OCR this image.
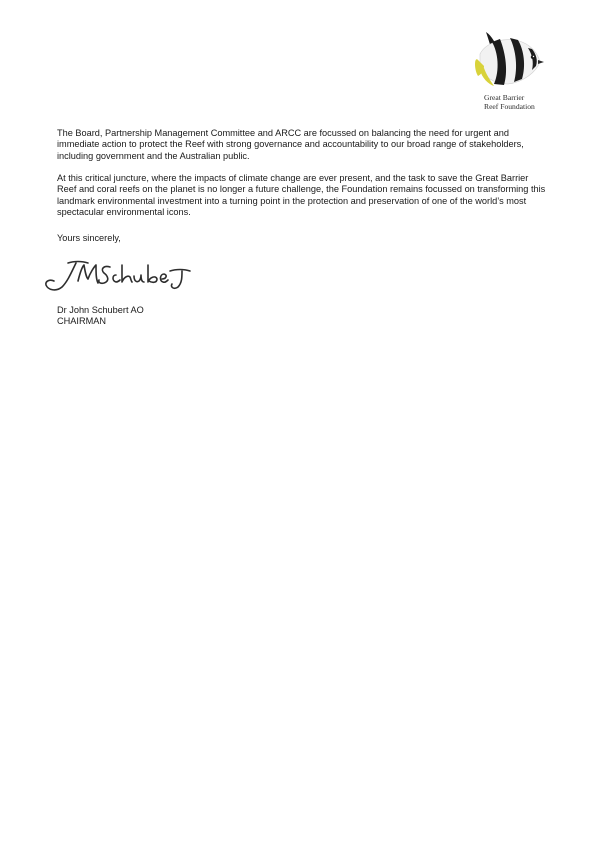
Great Barrier
Reef Foundation

The Board, Partnership Management Committee and ARCC are focussed on balancing the need for urgent and immediate action to protect the Reef with strong governance and accountability to our broad range of stakeholders, including government and the Australian public.

At this critical juncture, where the impacts of climate change are ever present, and the task to save the Great Barrier Reef and coral reefs on the planet is no longer a future challenge, the Foundation remains focussed on transforming this landmark environmental investment into a turning point in the protection and preservation of one of the world’s most spectacular environmental icons.

Yours sincerely,

Dr John Schubert AO
CHAIRMAN
